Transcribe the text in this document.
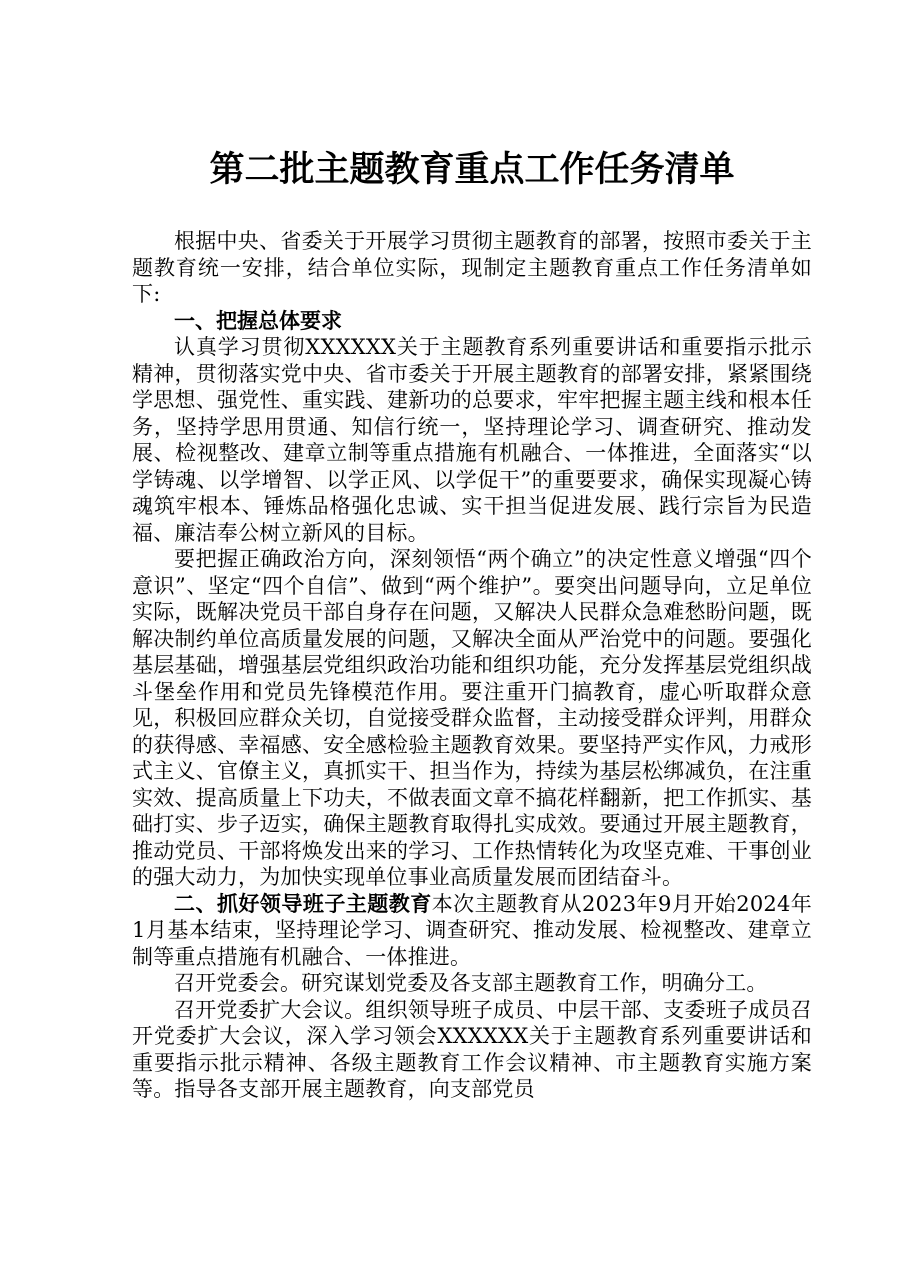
第二批主题教育重点工作任务清单

根据中央、省委关于开展学习贯彻主题教育的部署，按照市委关于主题教育统一安排，结合单位实际，现制定主题教育重点工作任务清单如下:

一、把握总体要求

认真学习贯彻XXXXXX关于主题教育系列重要讲话和重要指示批示精神，贯彻落实党中央、省市委关于开展主题教育的部署安排，紧紧围绕学思想、强党性、重实践、建新功的总要求，牢牢把握主题主线和根本任务，坚持学思用贯通、知信行统一，坚持理论学习、调查研究、推动发展、检视整改、建章立制等重点措施有机融合、一体推进，全面落实“以学铸魂、以学增智、以学正风、以学促干”的重要要求，确保实现凝心铸魂筑牢根本、锤炼品格强化忠诚、实干担当促进发展、践行宗旨为民造福、廉洁奉公树立新风的目标。

要把握正确政治方向，深刻领悟“两个确立”的决定性意义增强“四个意识”、坚定“四个自信”、做到“两个维护”。要突出问题导向，立足单位实际，既解决党员干部自身存在问题，又解决人民群众急难愁盼问题，既解决制约单位高质量发展的问题，又解决全面从严治党中的问题。要强化基层基础，增强基层党组织政治功能和组织功能，充分发挥基层党组织战斗堡垒作用和党员先锋模范作用。要注重开门搞教育，虚心听取群众意见，积极回应群众关切，自觉接受群众监督，主动接受群众评判，用群众的获得感、幸福感、安全感检验主题教育效果。要坚持严实作风，力戒形式主义、官僚主义，真抓实干、担当作为，持续为基层松绑减负，在注重实效、提高质量上下功夫，不做表面文章不搞花样翻新，把工作抓实、基础打实、步子迈实，确保主题教育取得扎实成效。要通过开展主题教育，推动党员、干部将焕发出来的学习、工作热情转化为攻坚克难、干事创业的强大动力，为加快实现单位事业高质量发展而团结奋斗。

二、抓好领导班子主题教育本次主题教育从2023年9月开始2024年1月基本结束，坚持理论学习、调查研究、推动发展、检视整改、建章立制等重点措施有机融合、一体推进。

召开党委会。研究谋划党委及各支部主题教育工作，明确分工。

召开党委扩大会议。组织领导班子成员、中层干部、支委班子成员召开党委扩大会议，深入学习领会XXXXXX关于主题教育系列重要讲话和重要指示批示精神、各级主题教育工作会议精神、市主题教育实施方案等。指导各支部开展主题教育，向支部党员
